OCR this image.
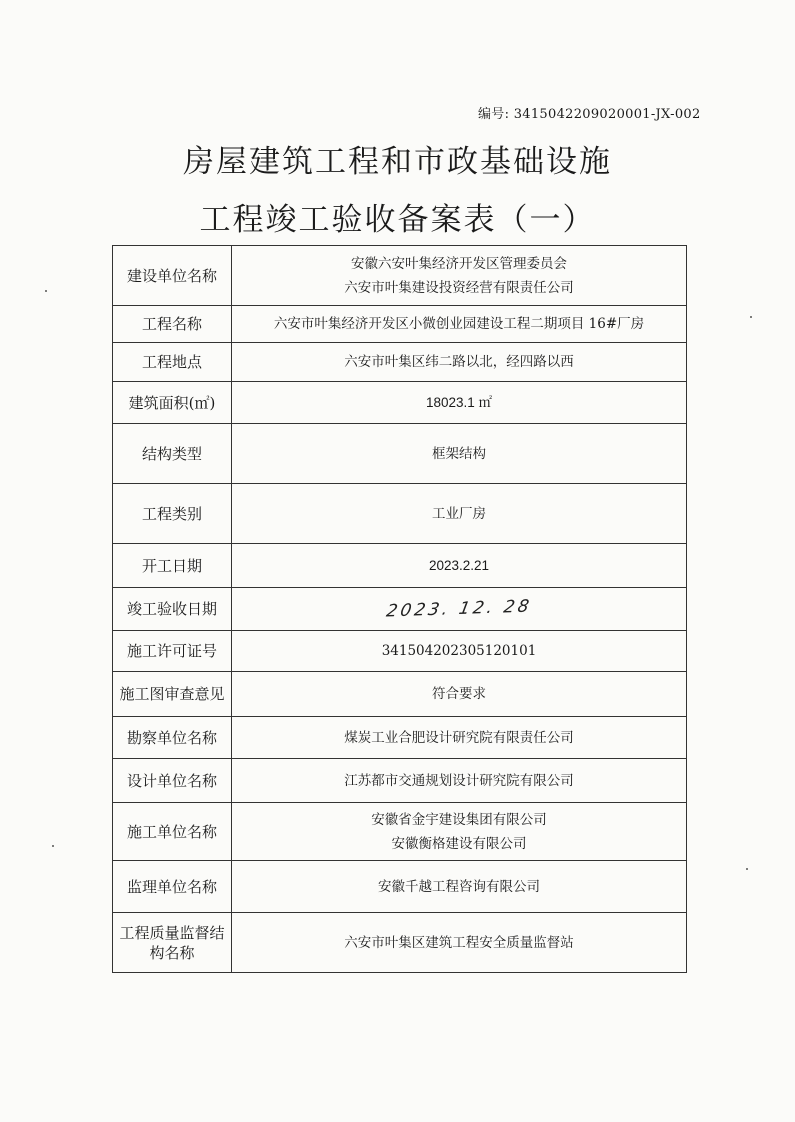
编号: 3415042209020001-JX-002
房屋建筑工程和市政基础设施
工程竣工验收备案表（一）
建设单位名称	安徽六安叶集经济开发区管理委员会
六安市叶集建设投资经营有限责任公司

工程名称	六安市叶集经济开发区小微创业园建设工程二期项目 16#厂房

工程地点	六安市叶集区纬二路以北，经四路以西

建筑面积(㎡)	18023.1 ㎡

结构类型	框架结构

工程类别	工业厂房

开工日期	2023.2.21

竣工验收日期	2023. 12. 28
施工许可证号	341504202305120101

施工图审查意见	符合要求

勘察单位名称	煤炭工业合肥设计研究院有限责任公司

设计单位名称	江苏都市交通规划设计研究院有限公司

施工单位名称	安徽省金宇建设集团有限公司
安徽衡格建设有限公司

监理单位名称	安徽千越工程咨询有限公司

工程质量监督结构名称	六安市叶集区建筑工程安全质量监督站
